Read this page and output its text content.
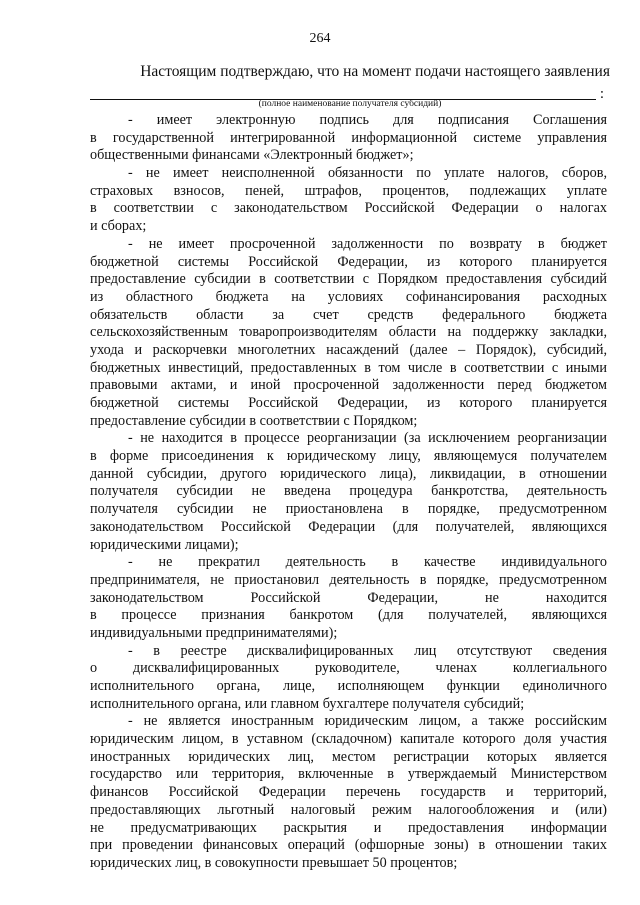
264
Настоящим подтверждаю, что на момент подачи настоящего заявления
:
(полное наименование получателя субсидий)
- имеет электронную подпись для подписания Соглашения
в государственной интегрированной информационной системе управления
общественными финансами «Электронный бюджет»;
- не имеет неисполненной обязанности по уплате налогов, сборов,
страховых взносов, пеней, штрафов, процентов, подлежащих уплате
в соответствии с законодательством Российской Федерации о налогах
и сборах;
- не имеет просроченной задолженности по возврату в бюджет
бюджетной системы Российской Федерации, из которого планируется
предоставление субсидии в соответствии с Порядком предоставления субсидий
из областного бюджета на условиях софинансирования расходных
обязательств области за счет средств федерального бюджета
сельскохозяйственным товаропроизводителям области на поддержку закладки,
ухода и раскорчевки многолетних насаждений (далее – Порядок), субсидий,
бюджетных инвестиций, предоставленных в том числе в соответствии с иными
правовыми актами, и иной просроченной задолженности перед бюджетом
бюджетной системы Российской Федерации, из которого планируется
предоставление субсидии в соответствии с Порядком;
- не находится в процессе реорганизации (за исключением реорганизации
в форме присоединения к юридическому лицу, являющемуся получателем
данной субсидии, другого юридического лица), ликвидации, в отношении
получателя субсидии не введена процедура банкротства, деятельность
получателя субсидии не приостановлена в порядке, предусмотренном
законодательством Российской Федерации (для получателей, являющихся
юридическими лицами);
- не прекратил деятельность в качестве индивидуального
предпринимателя, не приостановил деятельность в порядке, предусмотренном
законодательством Российской Федерации, не находится
в процессе признания банкротом (для получателей, являющихся
индивидуальными предпринимателями);
- в реестре дисквалифицированных лиц отсутствуют сведения
о дисквалифицированных руководителе, членах коллегиального
исполнительного органа, лице, исполняющем функции единоличного
исполнительного органа, или главном бухгалтере получателя субсидий;
- не является иностранным юридическим лицом, а также российским
юридическим лицом, в уставном (складочном) капитале которого доля участия
иностранных юридических лиц, местом регистрации которых является
государство или территория, включенные в утверждаемый Министерством
финансов Российской Федерации перечень государств и территорий,
предоставляющих льготный налоговый режим налогообложения и (или)
не предусматривающих раскрытия и предоставления информации
при проведении финансовых операций (офшорные зоны) в отношении таких
юридических лиц, в совокупности превышает 50 процентов;
